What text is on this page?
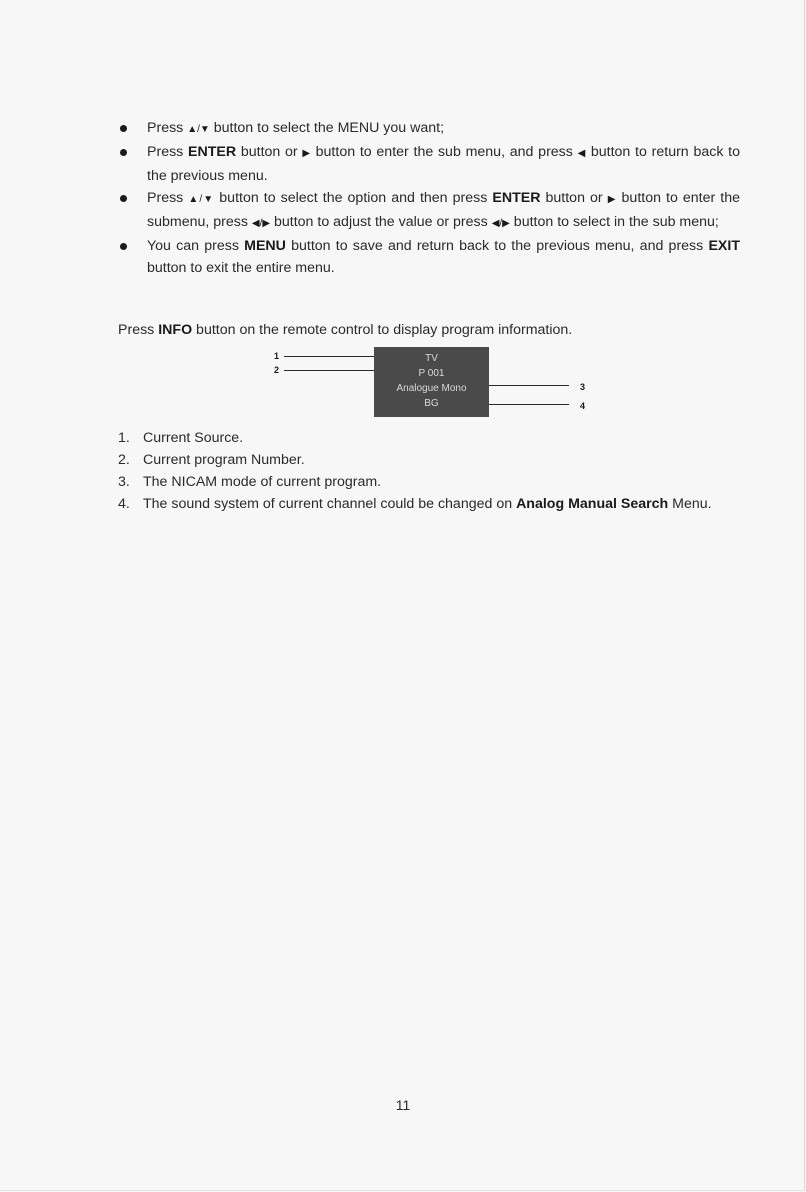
Press ▲/▼ button to select the MENU you want;
Press ENTER button or ▶ button to enter the sub menu, and press ◀ button to return back to the previous menu.
Press ▲/▼ button to select the option and then press ENTER button or ▶ button to enter the submenu, press ◀/▶ button to adjust the value or press ◀/▶ button to select in the sub menu;
You can press MENU button to save and return back to the previous menu, and press EXIT button to exit the entire menu.

Press INFO button on the remote control to display program information.

1
2
TV
P 001
Analogue Mono
BG
3
4
1. Current Source.
2. Current program Number.
3. The NICAM mode of current program.
4. The sound system of current channel could be changed on Analog Manual Search Menu.
11
